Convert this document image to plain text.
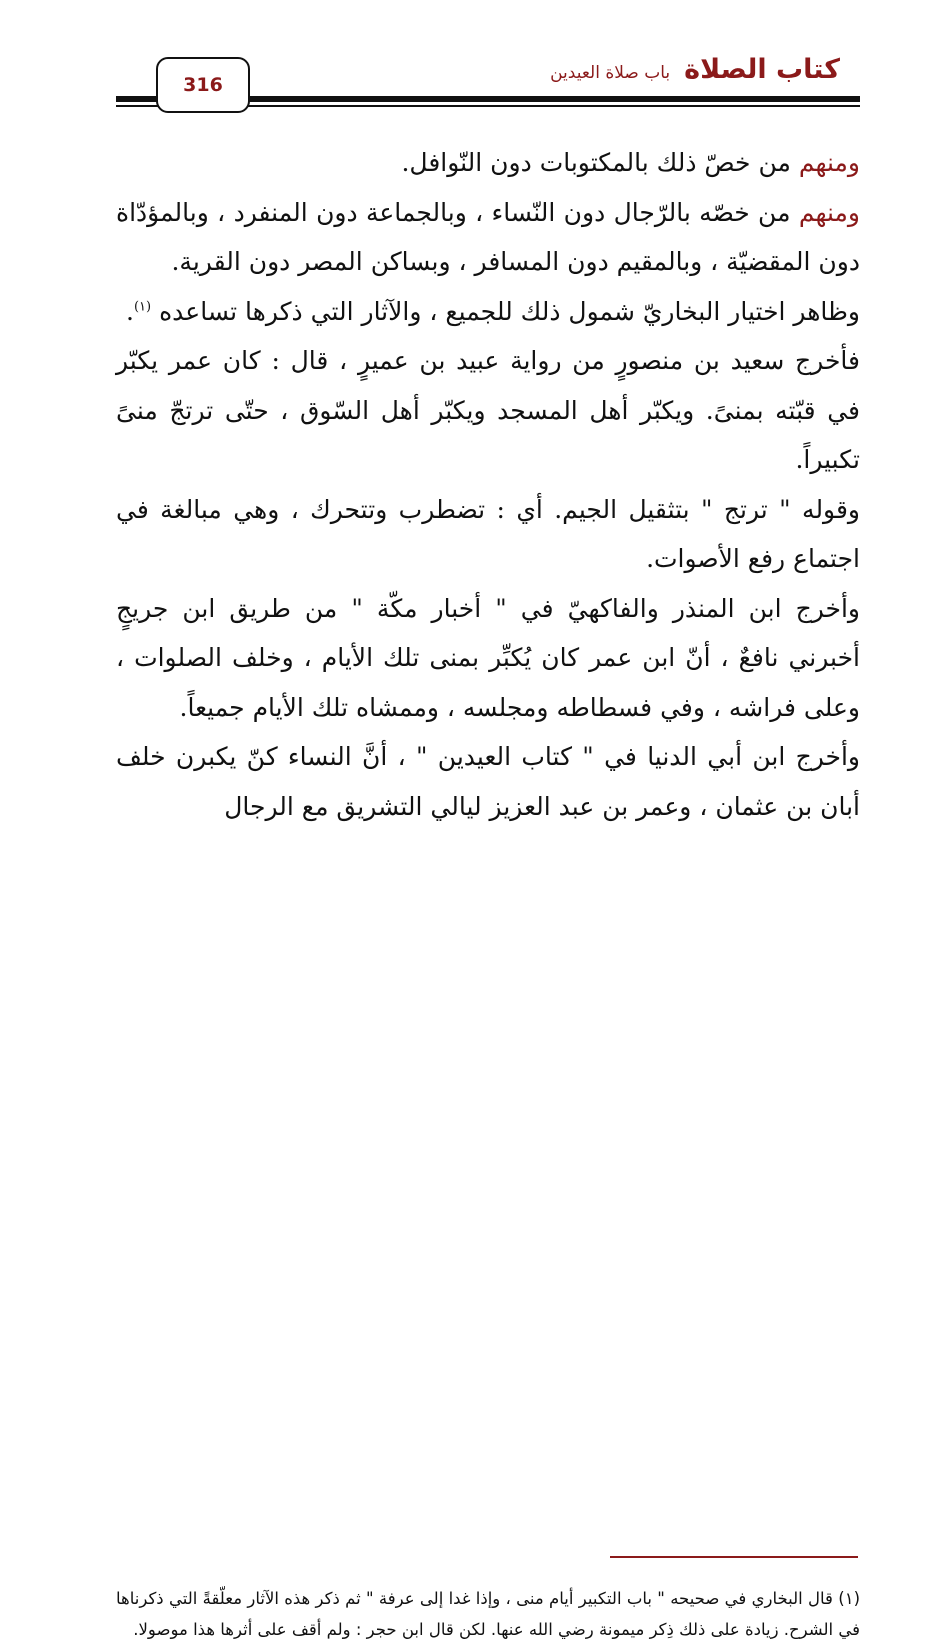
كتاب الصلاة
باب صلاة العيدين
316

ومنهم من خصّ ذلك بالمكتوبات دون النّوافل.

ومنهم من خصّه بالرّجال دون النّساء ، وبالجماعة دون المنفرد ، وبالمؤدّاة دون المقضيّة ، وبالمقيم دون المسافر ، وبساكن المصر دون القرية.

وظاهر اختيار البخاريّ شمول ذلك للجميع ، والآثار التي ذكرها تساعده $^{(١)}$.

فأخرج سعيد بن منصورٍ من رواية عبيد بن عميرٍ ، قال : كان عمر يكبّر في قبّته بمنىً. ويكبّر أهل المسجد ويكبّر أهل السّوق ، حتّى ترتجّ منىً تكبيراً.

وقوله " ترتج " بتثقيل الجيم. أي : تضطرب وتتحرك ، وهي مبالغة في اجتماع رفع الأصوات.

وأخرج ابن المنذر والفاكهيّ في " أخبار مكّة " من طريق ابن جريجٍ أخبرني نافعٌ ، أنّ ابن عمر كان يُكبِّر بمنى تلك الأيام ، وخلف الصلوات ، وعلى فراشه ، وفي فسطاطه ومجلسه ، وممشاه تلك الأيام جميعاً.

وأخرج ابن أبي الدنيا في " كتاب العيدين " ، أنَّ النساء كنّ يكبرن خلف أبان بن عثمان ، وعمر بن عبد العزيز ليالي التشريق مع الرجال

(١) قال البخاري في صحيحه " باب التكبير أيام منى ، وإذا غدا إلى عرفة " ثم ذكر هذه الآثار معلّقةً التي ذكرناها في الشرح. زيادة على ذلك ذِكر ميمونة رضي الله عنها. لكن قال ابن حجر : ولم أقف على أثرها هذا موصولا.
